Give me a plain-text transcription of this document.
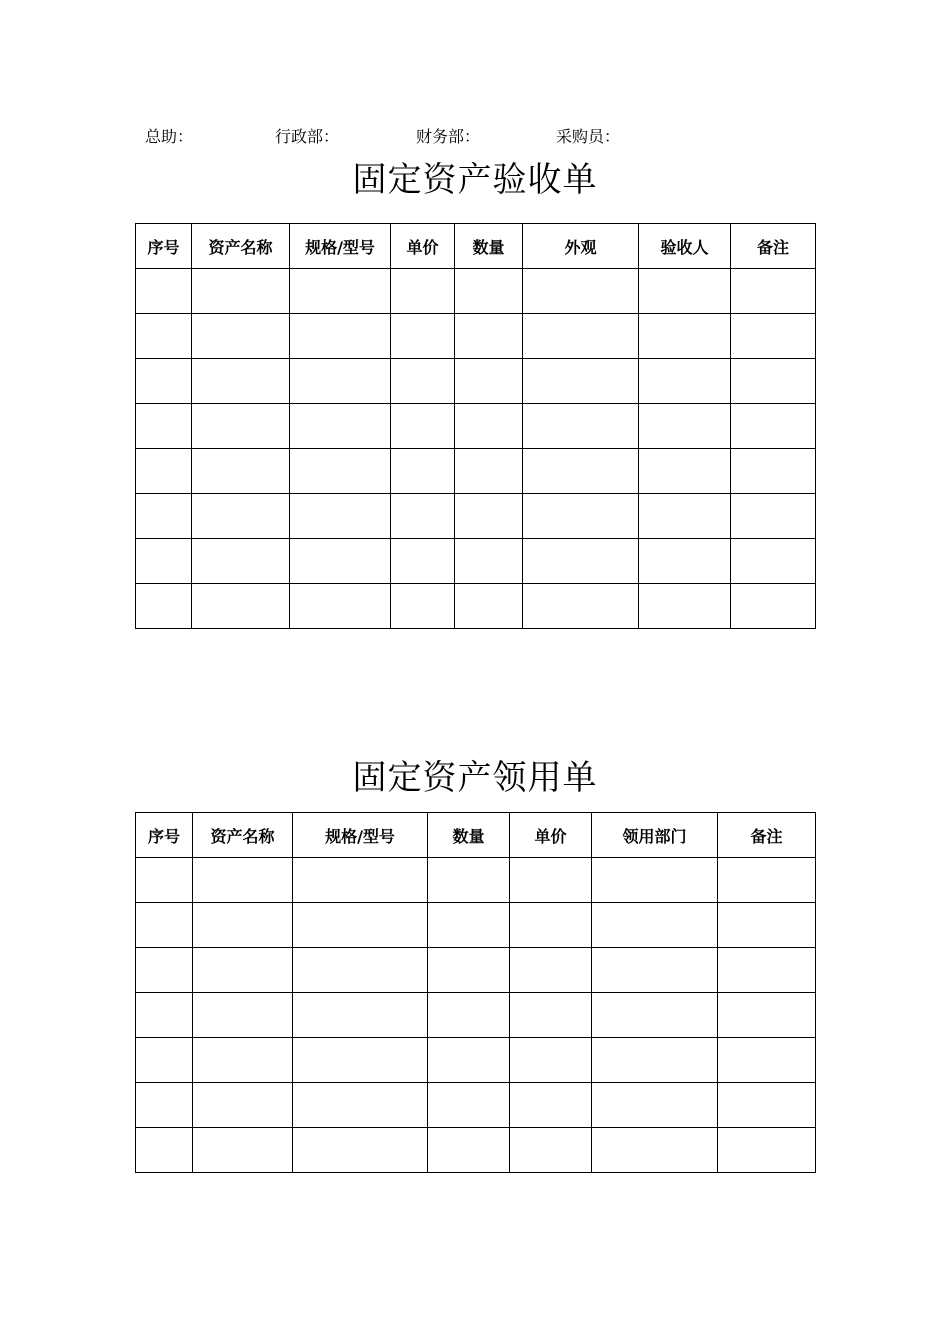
总助：	行政部：	财务部：	采购员：
固定资产验收单
序号	资产名称	规格/型号	单价	数量	外观	验收人	备注

固定资产领用单
序号	资产名称	规格/型号	数量	单价	领用部门	备注
